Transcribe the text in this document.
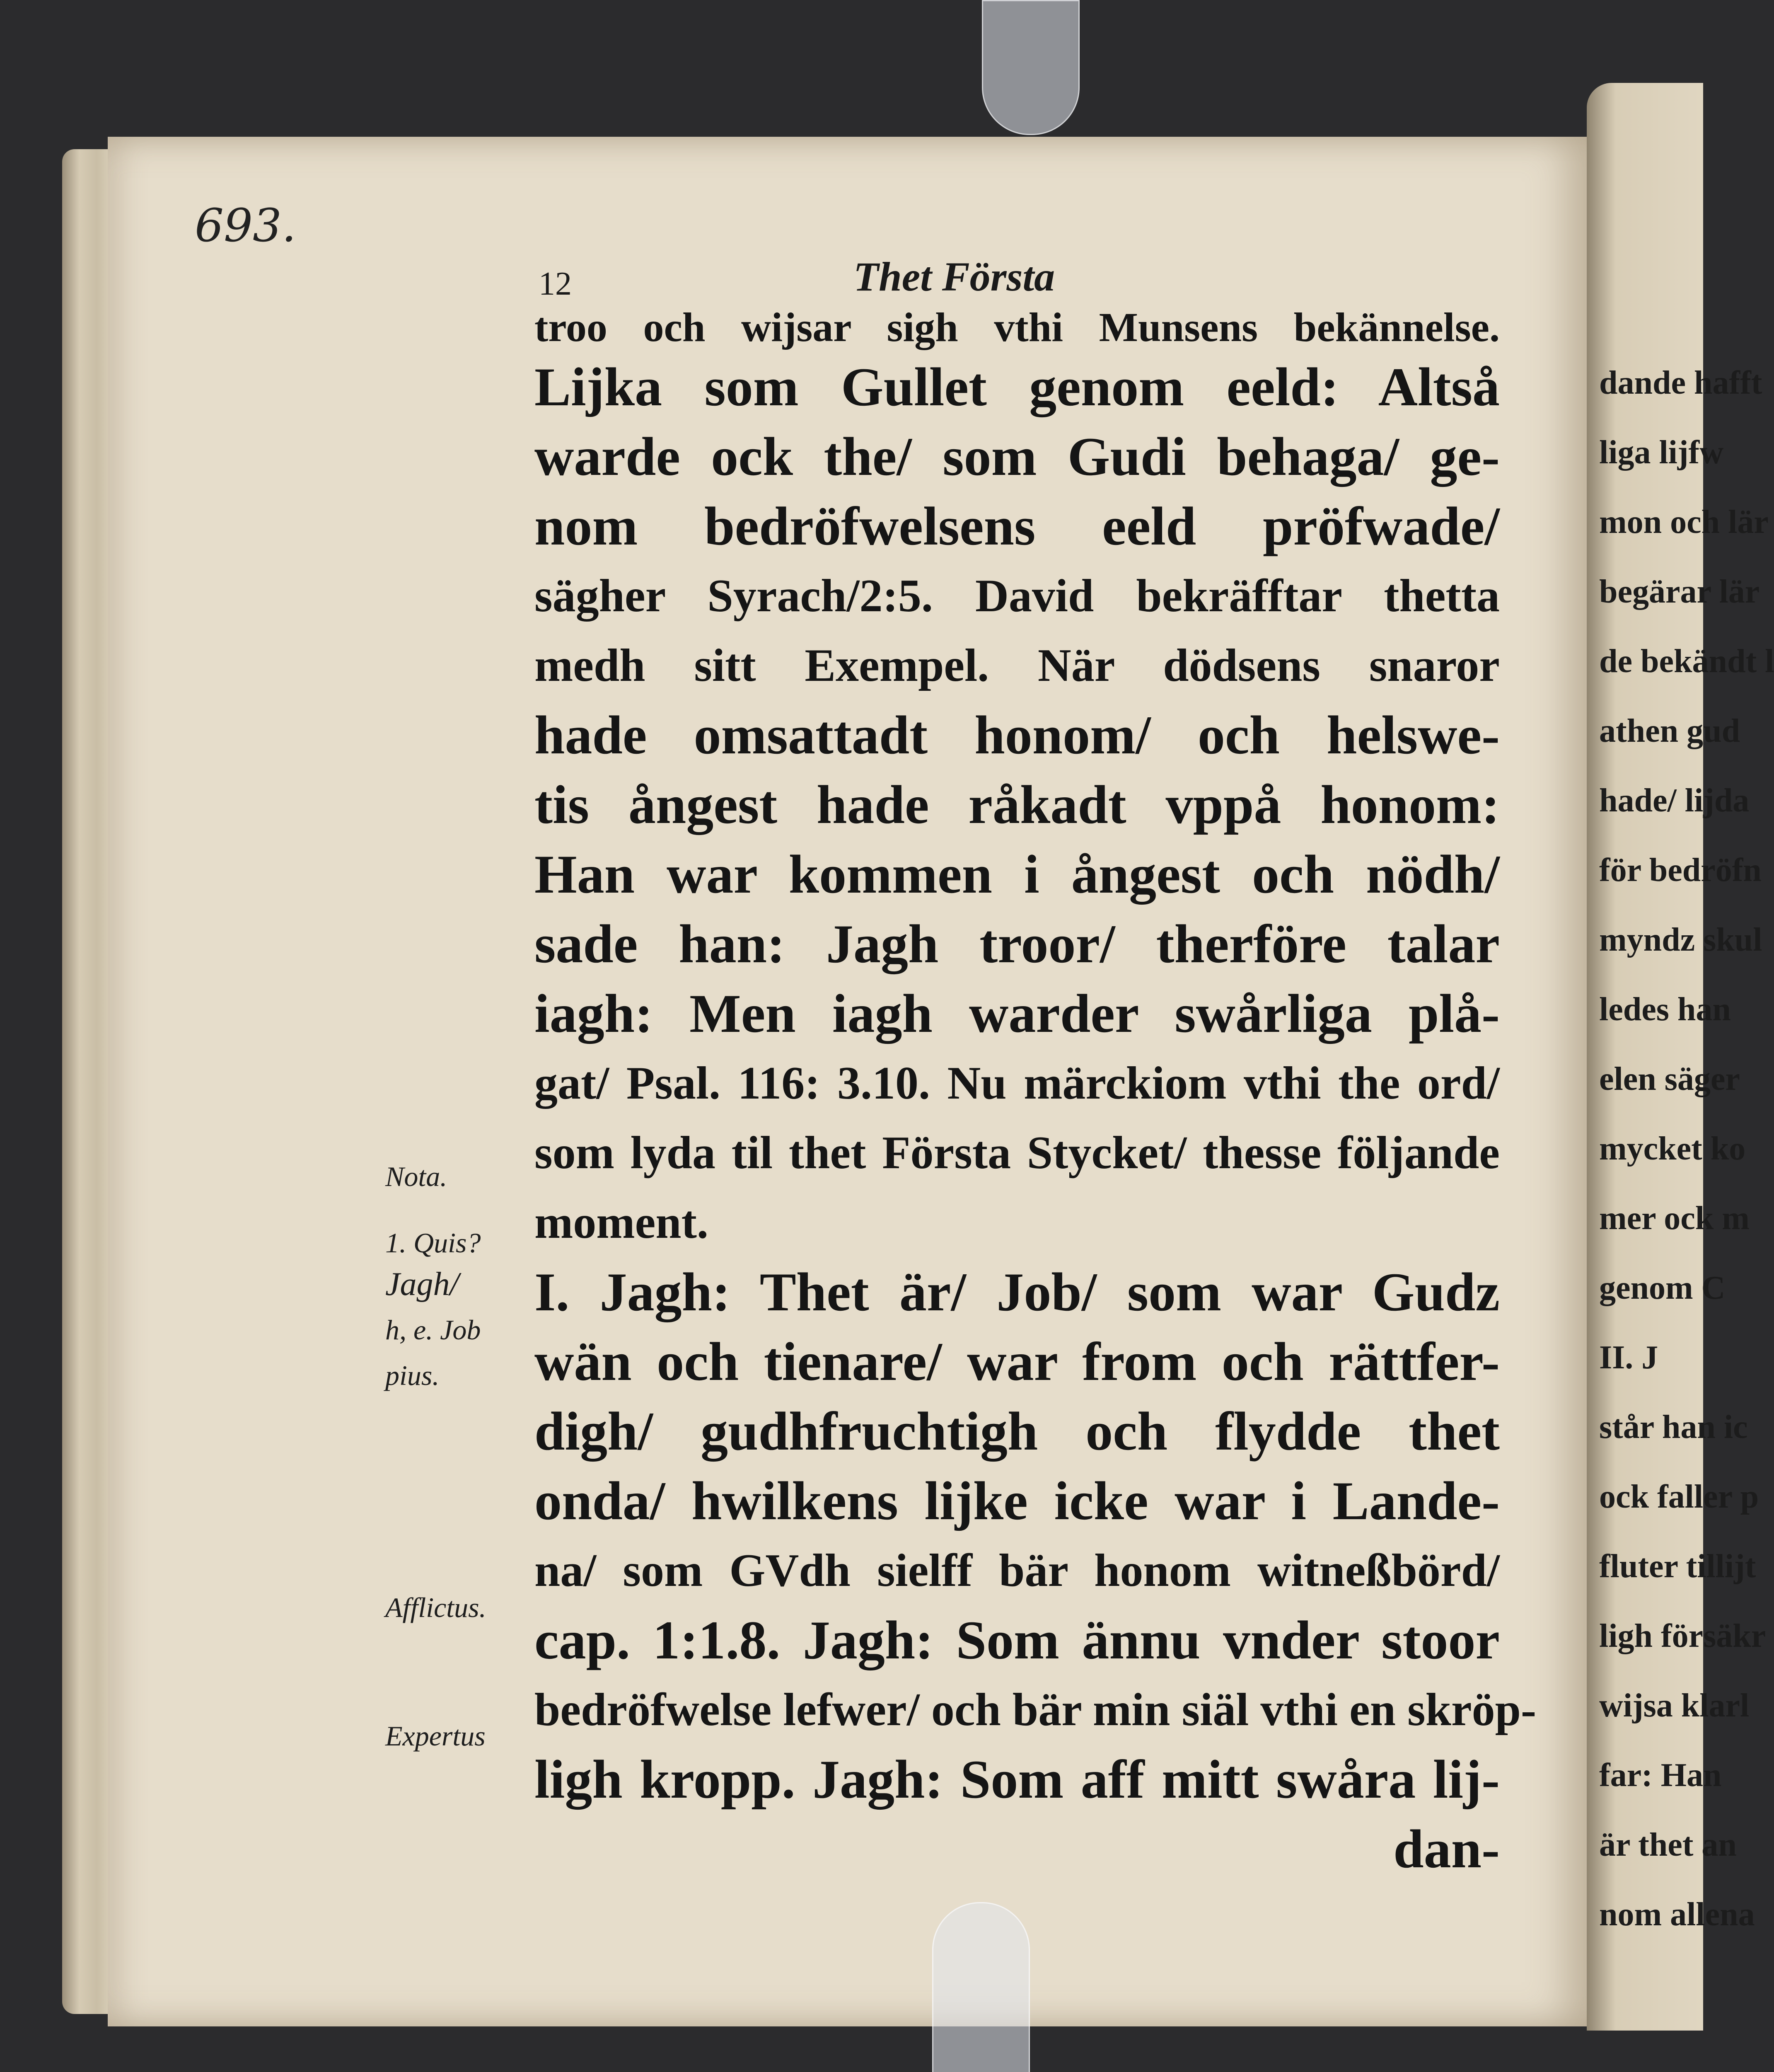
dande hafft
liga lijfw
mon och lär
begärar lär
de bekändt l
athen gud
hade/ lijda
för bedröfn
myndz skul
ledes han
elen säger
mycket ko
mer ock m
genom C
II. J
står han ic
ock faller p
fluter tillijt
ligh försäkr
wijsa klarl
far: Han
är thet an
nom allena
693.
12	Thet Första
troo och wijsar sigh vthi Munsens bekännelse.
Lijka som Gullet genom eeld: Altså
warde ock the/ som Gudi behaga/ ge-
nom bedröfwelsens eeld pröfwade/
sägher Syrach/2:5. David bekräfftar thetta
medh sitt Exempel. När dödsens snaror
hade omsattadt honom/ och helswe-
tis ångest hade råkadt vppå honom:
Han war kommen i ångest och nödh/
sade han: Jagh troor/ therföre talar
iagh: Men iagh warder swårliga plå-
gat/ Psal. 116: 3.10. Nu märckiom vthi the ord/
som lyda til thet Första Stycket/ thesse följande
moment.
I. Jagh: Thet är/ Job/ som war Gudz
wän och tienare/ war from och rättfer-
digh/ gudhfruchtigh och flydde thet
onda/ hwilkens lijke icke war i Lande-
na/ som GVdh sielff bär honom witneßbörd/
cap. 1:1.8. Jagh: Som ännu vnder stoor
bedröfwelse lefwer/ och bär min siäl vthi en skröp-
ligh kropp. Jagh: Som aff mitt swåra lij-
dan-
Nota.
1. Quis?
Jagh/
h, e. Job
pius.
Afflictus.
Expertus
